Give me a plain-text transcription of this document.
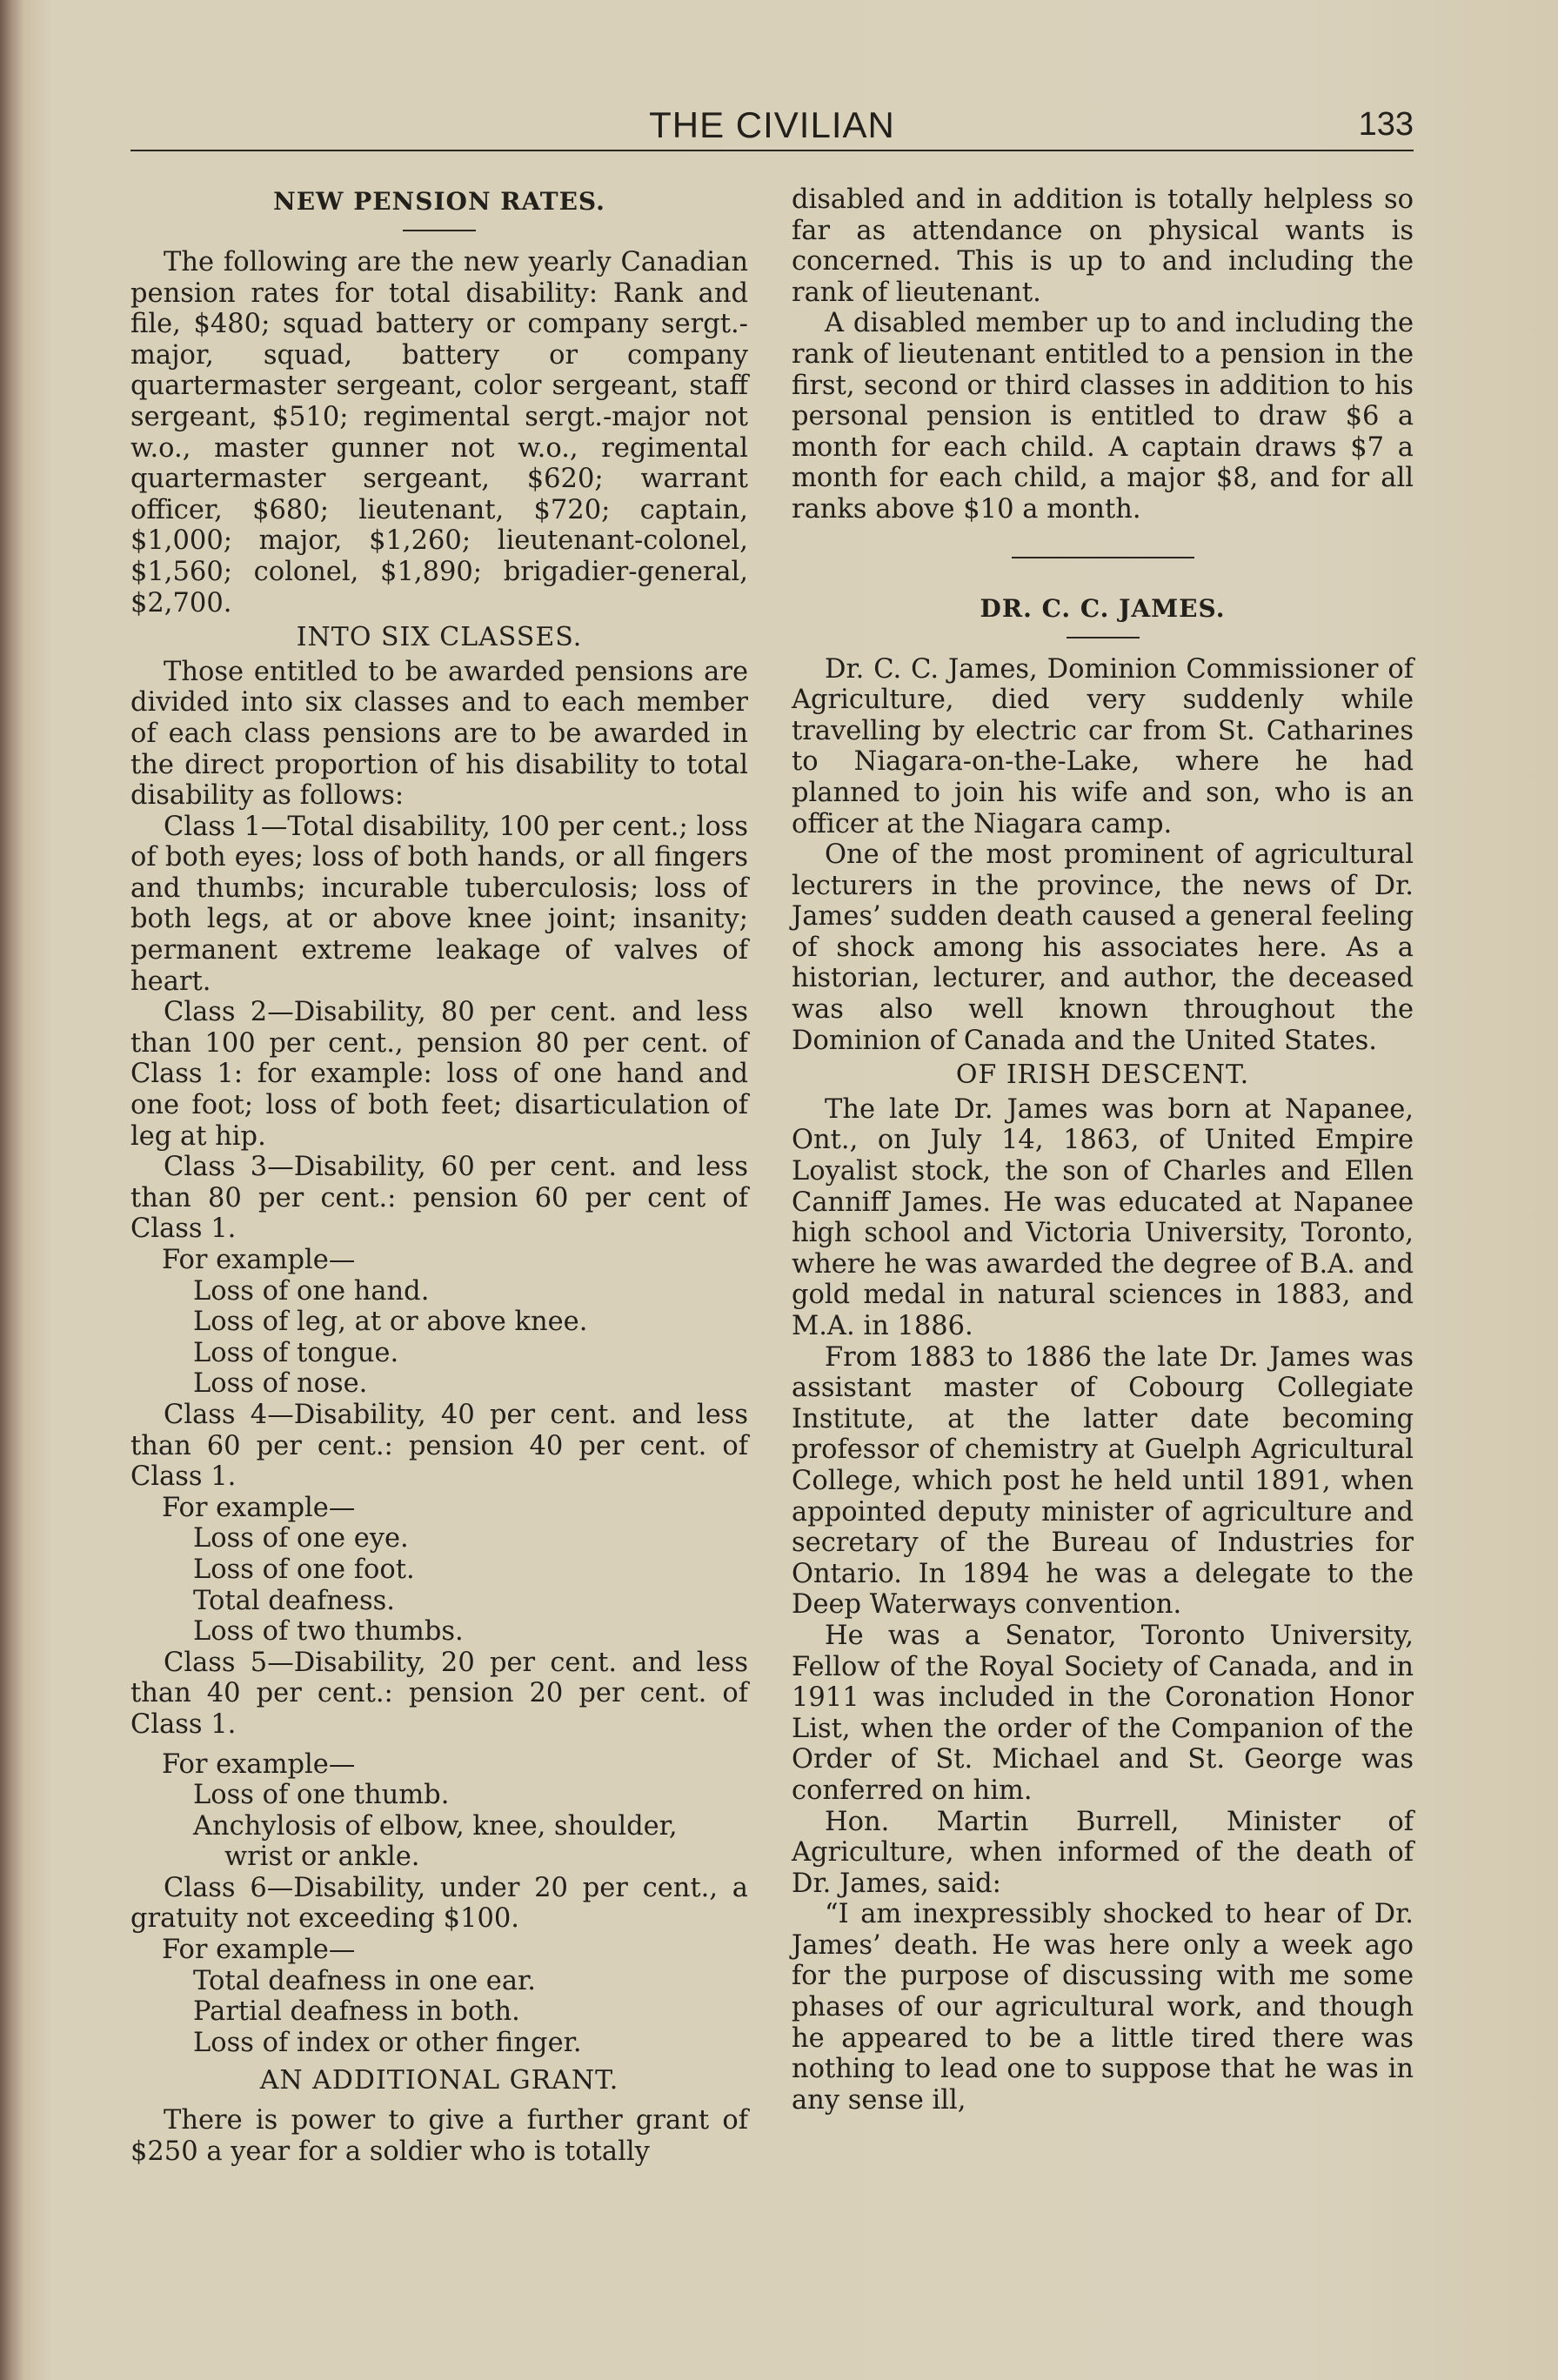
THE CIVILIAN	133
NEW PENSION RATES.

The following are the new yearly Canadian pension rates for total disability: Rank and file, $480; squad battery or company sergt.-major, squad, battery or company quartermaster sergeant, color sergeant, staff sergeant, $510; regimental sergt.-major not w.o., master gunner not w.o., regimental quartermaster sergeant, $620; warrant officer, $680; lieutenant, $720; captain, $1,000; major, $1,260; lieutenant-colonel, $1,560; colonel, $1,890; brigadier-general, $2,700.

INTO SIX CLASSES.

Those entitled to be awarded pensions are divided into six classes and to each member of each class pensions are to be awarded in the direct proportion of his disability to total disability as follows:

Class 1—Total disability, 100 per cent.; loss of both eyes; loss of both hands, or all fingers and thumbs; incurable tuberculosis; loss of both legs, at or above knee joint; insanity; permanent extreme leakage of valves of heart.

Class 2—Disability, 80 per cent. and less than 100 per cent., pension 80 per cent. of Class 1: for example: loss of one hand and one foot; loss of both feet; disarticulation of leg at hip.

Class 3—Disability, 60 per cent. and less than 80 per cent.: pension 60 per cent of Class 1.

For example—
Loss of one hand.
Loss of leg, at or above knee.
Loss of tongue.
Loss of nose.

Class 4—Disability, 40 per cent. and less than 60 per cent.: pension 40 per cent. of Class 1.

For example—
Loss of one eye.
Loss of one foot.
Total deafness.
Loss of two thumbs.

Class 5—Disability, 20 per cent. and less than 40 per cent.: pension 20 per cent. of Class 1.

For example—
Loss of one thumb.
Anchylosis of elbow, knee, shoulder,
wrist or ankle.

Class 6—Disability, under 20 per cent., a gratuity not exceeding $100.

For example—
Total deafness in one ear.
Partial deafness in both.
Loss of index or other finger.
AN ADDITIONAL GRANT.

There is power to give a further grant of $250 a year for a soldier who is totally

disabled and in addition is totally helpless so far as attendance on physical wants is concerned. This is up to and including the rank of lieutenant.

A disabled member up to and including the rank of lieutenant entitled to a pension in the first, second or third classes in addition to his personal pension is entitled to draw $6 a month for each child. A captain draws $7 a month for each child, a major $8, and for all ranks above $10 a month.

DR. C. C. JAMES.

Dr. C. C. James, Dominion Commissioner of Agriculture, died very suddenly while travelling by electric car from St. Catharines to Niagara-on-the-Lake, where he had planned to join his wife and son, who is an officer at the Niagara camp.

One of the most prominent of agricultural lecturers in the province, the news of Dr. James’ sudden death caused a general feeling of shock among his associates here. As a historian, lecturer, and author, the deceased was also well known throughout the Dominion of Canada and the United States.

OF IRISH DESCENT.

The late Dr. James was born at Napanee, Ont., on July 14, 1863, of United Empire Loyalist stock, the son of Charles and Ellen Canniff James. He was educated at Napanee high school and Victoria University, Toronto, where he was awarded the degree of B.A. and gold medal in natural sciences in 1883, and M.A. in 1886.

From 1883 to 1886 the late Dr. James was assistant master of Cobourg Collegiate Institute, at the latter date becoming professor of chemistry at Guelph Agricultural College, which post he held until 1891, when appointed deputy minister of agriculture and secretary of the Bureau of Industries for Ontario. In 1894 he was a delegate to the Deep Waterways convention.

He was a Senator, Toronto University, Fellow of the Royal Society of Canada, and in 1911 was included in the Coronation Honor List, when the order of the Companion of the Order of St. Michael and St. George was conferred on him.

Hon. Martin Burrell, Minister of Agriculture, when informed of the death of Dr. James, said:

“I am inexpressibly shocked to hear of Dr. James’ death. He was here only a week ago for the purpose of discussing with me some phases of our agricultural work, and though he appeared to be a little tired there was nothing to lead one to suppose that he was in any sense ill,
